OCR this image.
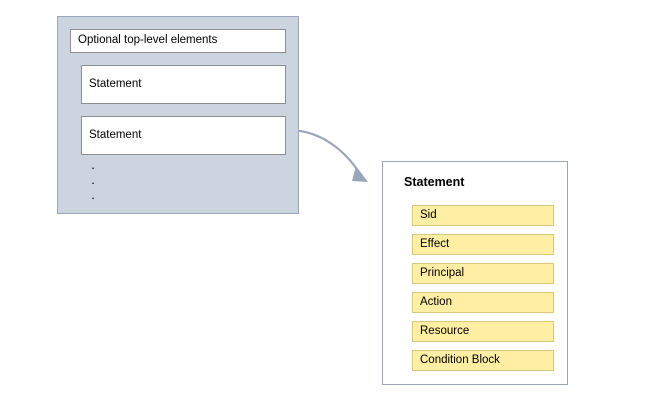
Optional top-level elements
Statement
Statement
·
·
·
Statement
Sid
Effect
Principal
Action
Resource
Condition Block
